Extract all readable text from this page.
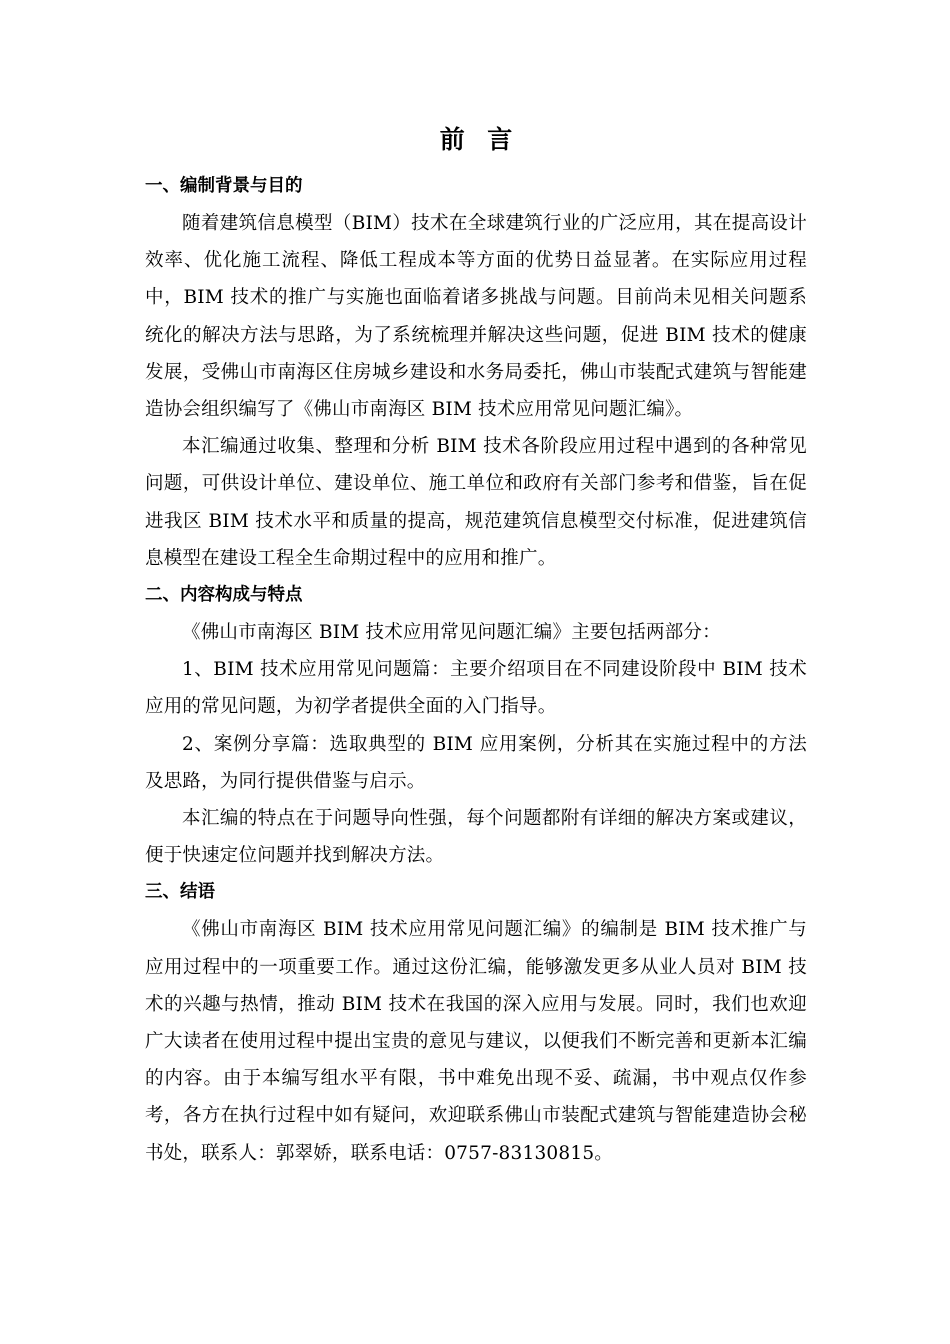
前言
一、编制背景与目的

随着建筑信息模型（BIM）技术在全球建筑行业的广泛应用，其在提高设计效率、优化施工流程、降低工程成本等方面的优势日益显著。在实际应用过程中，BIM 技术的推广与实施也面临着诸多挑战与问题。目前尚未见相关问题系统化的解决方法与思路，为了系统梳理并解决这些问题，促进 BIM 技术的健康发展，受佛山市南海区住房城乡建设和水务局委托，佛山市装配式建筑与智能建造协会组织编写了《佛山市南海区 BIM 技术应用常见问题汇编》。

本汇编通过收集、整理和分析 BIM 技术各阶段应用过程中遇到的各种常见问题，可供设计单位、建设单位、施工单位和政府有关部门参考和借鉴，旨在促进我区 BIM 技术水平和质量的提高，规范建筑信息模型交付标准，促进建筑信息模型在建设工程全生命期过程中的应用和推广。

二、内容构成与特点

《佛山市南海区 BIM 技术应用常见问题汇编》主要包括两部分：

1、BIM 技术应用常见问题篇：主要介绍项目在不同建设阶段中 BIM 技术应用的常见问题，为初学者提供全面的入门指导。

2、案例分享篇：选取典型的 BIM 应用案例，分析其在实施过程中的方法及思路，为同行提供借鉴与启示。

本汇编的特点在于问题导向性强，每个问题都附有详细的解决方案或建议，便于快速定位问题并找到解决方法。

三、结语

《佛山市南海区 BIM 技术应用常见问题汇编》的编制是 BIM 技术推广与应用过程中的一项重要工作。通过这份汇编，能够激发更多从业人员对 BIM 技术的兴趣与热情，推动 BIM 技术在我国的深入应用与发展。同时，我们也欢迎广大读者在使用过程中提出宝贵的意见与建议，以便我们不断完善和更新本汇编的内容。由于本编写组水平有限，书中难免出现不妥、疏漏，书中观点仅作参考，各方在执行过程中如有疑问，欢迎联系佛山市装配式建筑与智能建造协会秘书处，联系人：郭翠娇，联系电话：0757-83130815。
